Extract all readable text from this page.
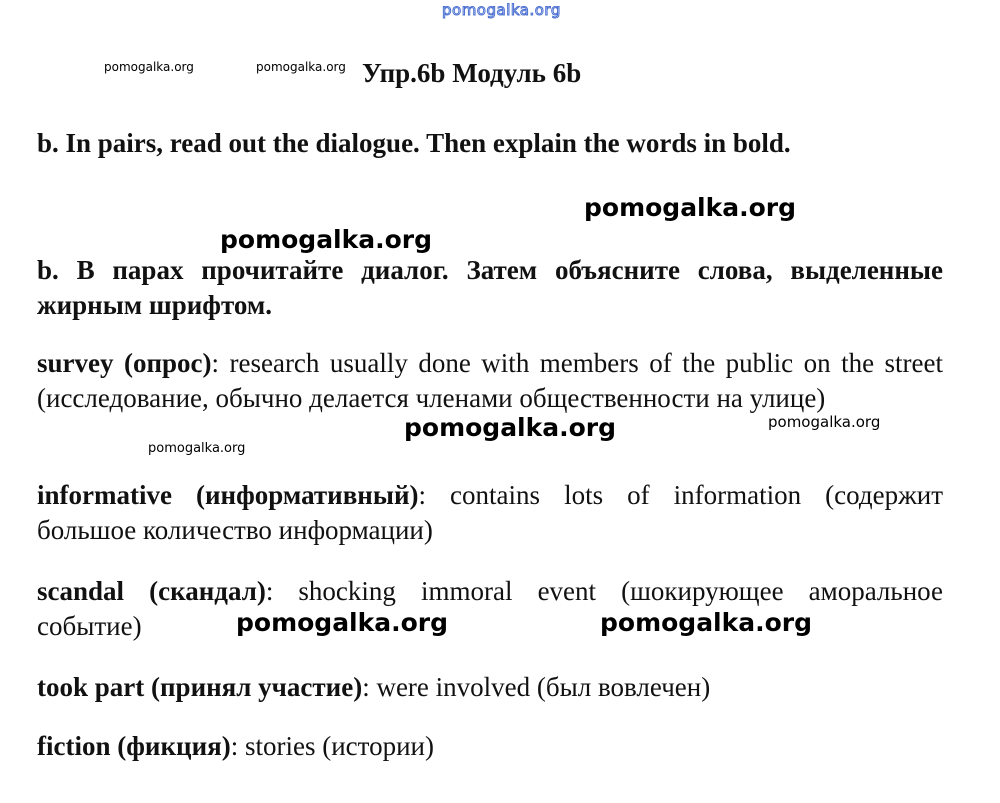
pomogalka.org
pomogalka.org	pomogalka.org
pomogalka.org
pomogalka.org
pomogalka.org	pomogalka.org
pomogalka.org
pomogalka.org	pomogalka.org
Упр.6b Модуль 6b
b. In pairs, read out the dialogue. Then explain the words in bold.
b. В парах прочитайте диалог. Затем объясните слова, выделенные жирным шрифтом.
survey (опрос): research usually done with members of the public on the street (исследование, обычно делается членами общественности на улице)
informative (информативный): contains lots of information (содержит большое количество информации)
scandal (скандал): shocking immoral event (шокирующее аморальное событие)
took part (принял участие): were involved (был вовлечен)
fiction (фикция): stories (истории)
